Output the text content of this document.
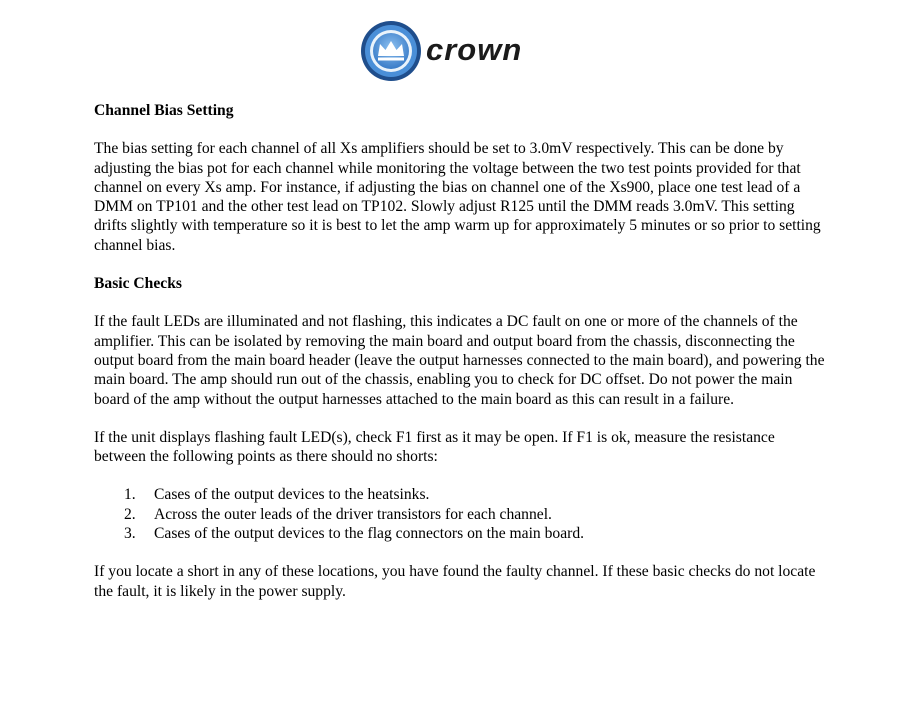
crown
Channel Bias Setting

The bias setting for each channel of all Xs amplifiers should be set to 3.0mV respectively. This can be done by adjusting the bias pot for each channel while monitoring the voltage between the two test points provided for that channel on every Xs amp. For instance, if adjusting the bias on channel one of the Xs900, place one test lead of a DMM on TP101 and the other test lead on TP102. Slowly adjust R125 until the DMM reads 3.0mV. This setting drifts slightly with temperature so it is best to let the amp warm up for approximately 5 minutes or so prior to setting channel bias.

Basic Checks

If the fault LEDs are illuminated and not flashing, this indicates a DC fault on one or more of the channels of the amplifier. This can be isolated by removing the main board and output board from the chassis, disconnecting the output board from the main board header (leave the output harnesses connected to the main board), and powering the main board. The amp should run out of the chassis, enabling you to check for DC offset. Do not power the main board of the amp without the output harnesses attached to the main board as this can result in a failure.

If the unit displays flashing fault LED(s), check F1 first as it may be open. If F1 is ok, measure the resistance between the following points as there should no shorts:

1.	Cases of the output devices to the heatsinks.
2.	Across the outer leads of the driver transistors for each channel.
3.	Cases of the output devices to the flag connectors on the main board.

If you locate a short in any of these locations, you have found the faulty channel. If these basic checks do not locate the fault, it is likely in the power supply.
